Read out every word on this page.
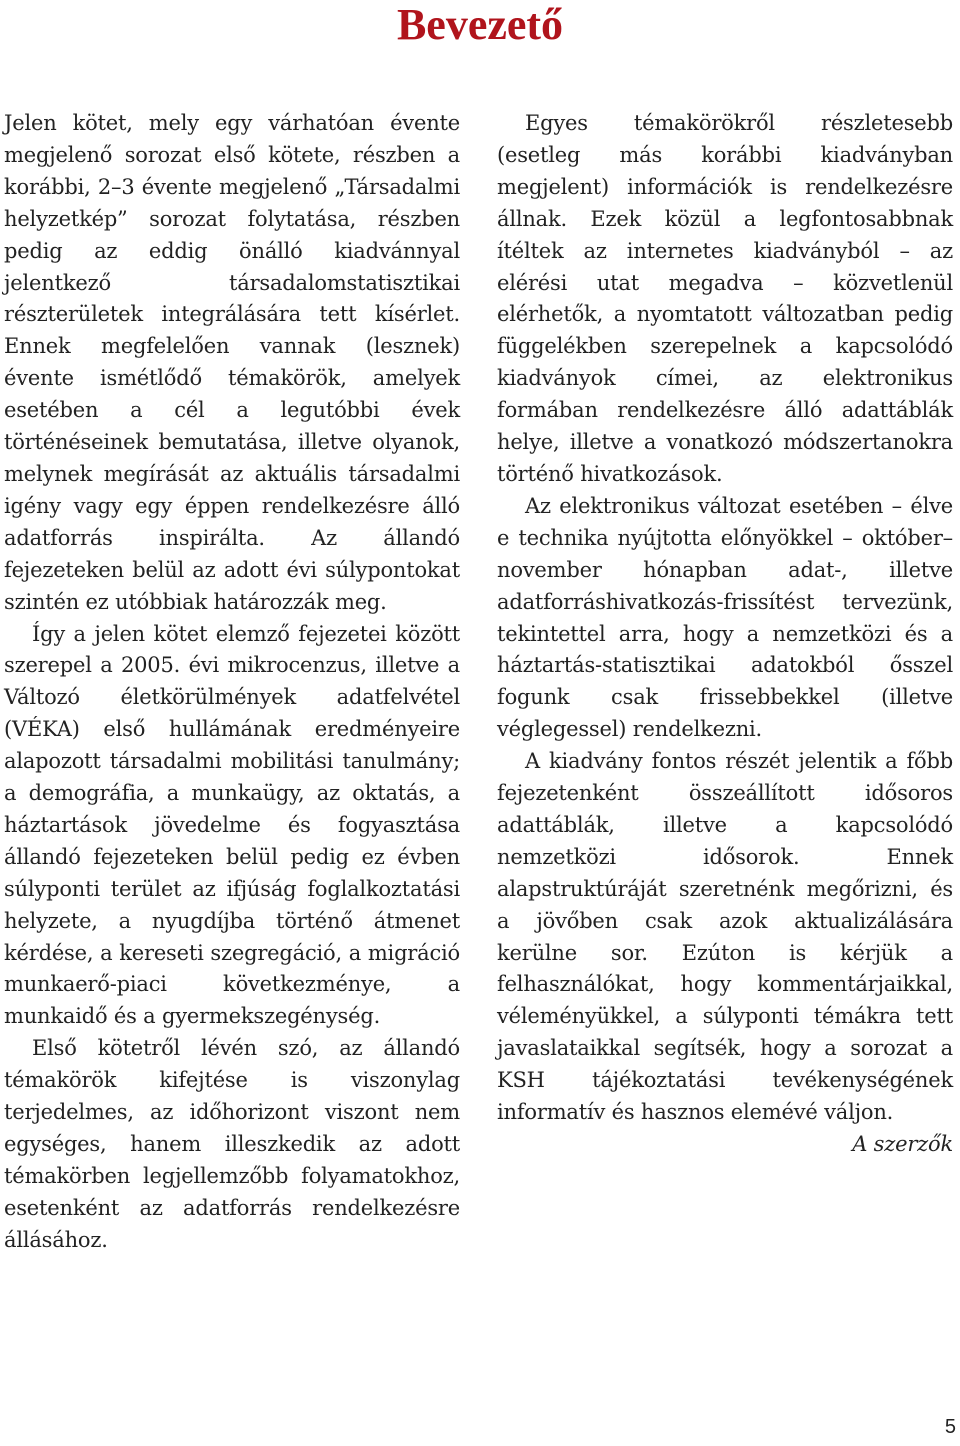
Bevezető

Jelen kötet, mely egy várhatóan évente megjelenő sorozat első kötete, részben a korábbi, 2–3 évente megjelenő „Társadalmi helyzetkép” sorozat folytatása, részben pedig az eddig önálló kiadvánnyal jelentkező társadalomstatisztikai részterületek integrálására tett kísérlet. Ennek megfelelően vannak (lesznek) évente ismétlődő témakörök, amelyek esetében a cél a legutóbbi évek történéseinek bemutatása, illetve olyanok, melynek megírását az aktuális társadalmi igény vagy egy éppen rendelkezésre álló adatforrás inspirálta. Az állandó fejezeteken belül az adott évi súlypontokat szintén ez utóbbiak határozzák meg.

Így a jelen kötet elemző fejezetei között szerepel a 2005. évi mikrocenzus, illetve a Változó életkörülmények adatfelvétel (VÉKA) első hullámának eredményeire alapozott társadalmi mobilitási tanulmány; a demográfia, a munkaügy, az oktatás, a háztartások jövedelme és fogyasztása állandó fejezeteken belül pedig ez évben súlyponti terület az ifjúság foglalkoztatási helyzete, a nyugdíjba történő átmenet kérdése, a kereseti szegregáció, a migráció munkaerő-piaci következménye, a munkaidő és a gyermekszegénység.

Első kötetről lévén szó, az állandó témakörök kifejtése is viszonylag terjedelmes, az időhorizont viszont nem egységes, hanem illeszkedik az adott témakörben legjellemzőbb folyamatokhoz, esetenként az adatforrás rendelkezésre állásához.

Egyes témakörökről részletesebb (esetleg más korábbi kiadványban megjelent) információk is rendelkezésre állnak. Ezek közül a legfontosabbnak ítéltek az internetes kiadványból – az elérési utat megadva – közvetlenül elérhetők, a nyomtatott változatban pedig függelékben szerepelnek a kapcsolódó kiadványok címei, az elektronikus formában rendelkezésre álló adattáblák helye, illetve a vonatkozó módszertanokra történő hivatkozások.

Az elektronikus változat esetében – élve e technika nyújtotta előnyökkel – október–november hónapban adat-, illetve adatforráshivatkozás-frissítést tervezünk, tekintettel arra, hogy a nemzetközi és a háztartás-statisztikai adatokból ősszel fogunk csak frissebbekkel (illetve véglegessel) rendelkezni.

A kiadvány fontos részét jelentik a főbb fejezetenként összeállított idősoros adattáblák, illetve a kapcsolódó nemzetközi idősorok. Ennek alapstruktúráját szeretnénk megőrizni, és a jövőben csak azok aktualizálására kerülne sor. Ezúton is kérjük a felhasználókat, hogy kommentárjaikkal, véleményükkel, a súlyponti témákra tett javaslataikkal segítsék, hogy a sorozat a KSH tájékoztatási tevékenységének informatív és hasznos elemévé váljon.

A szerzők

5
